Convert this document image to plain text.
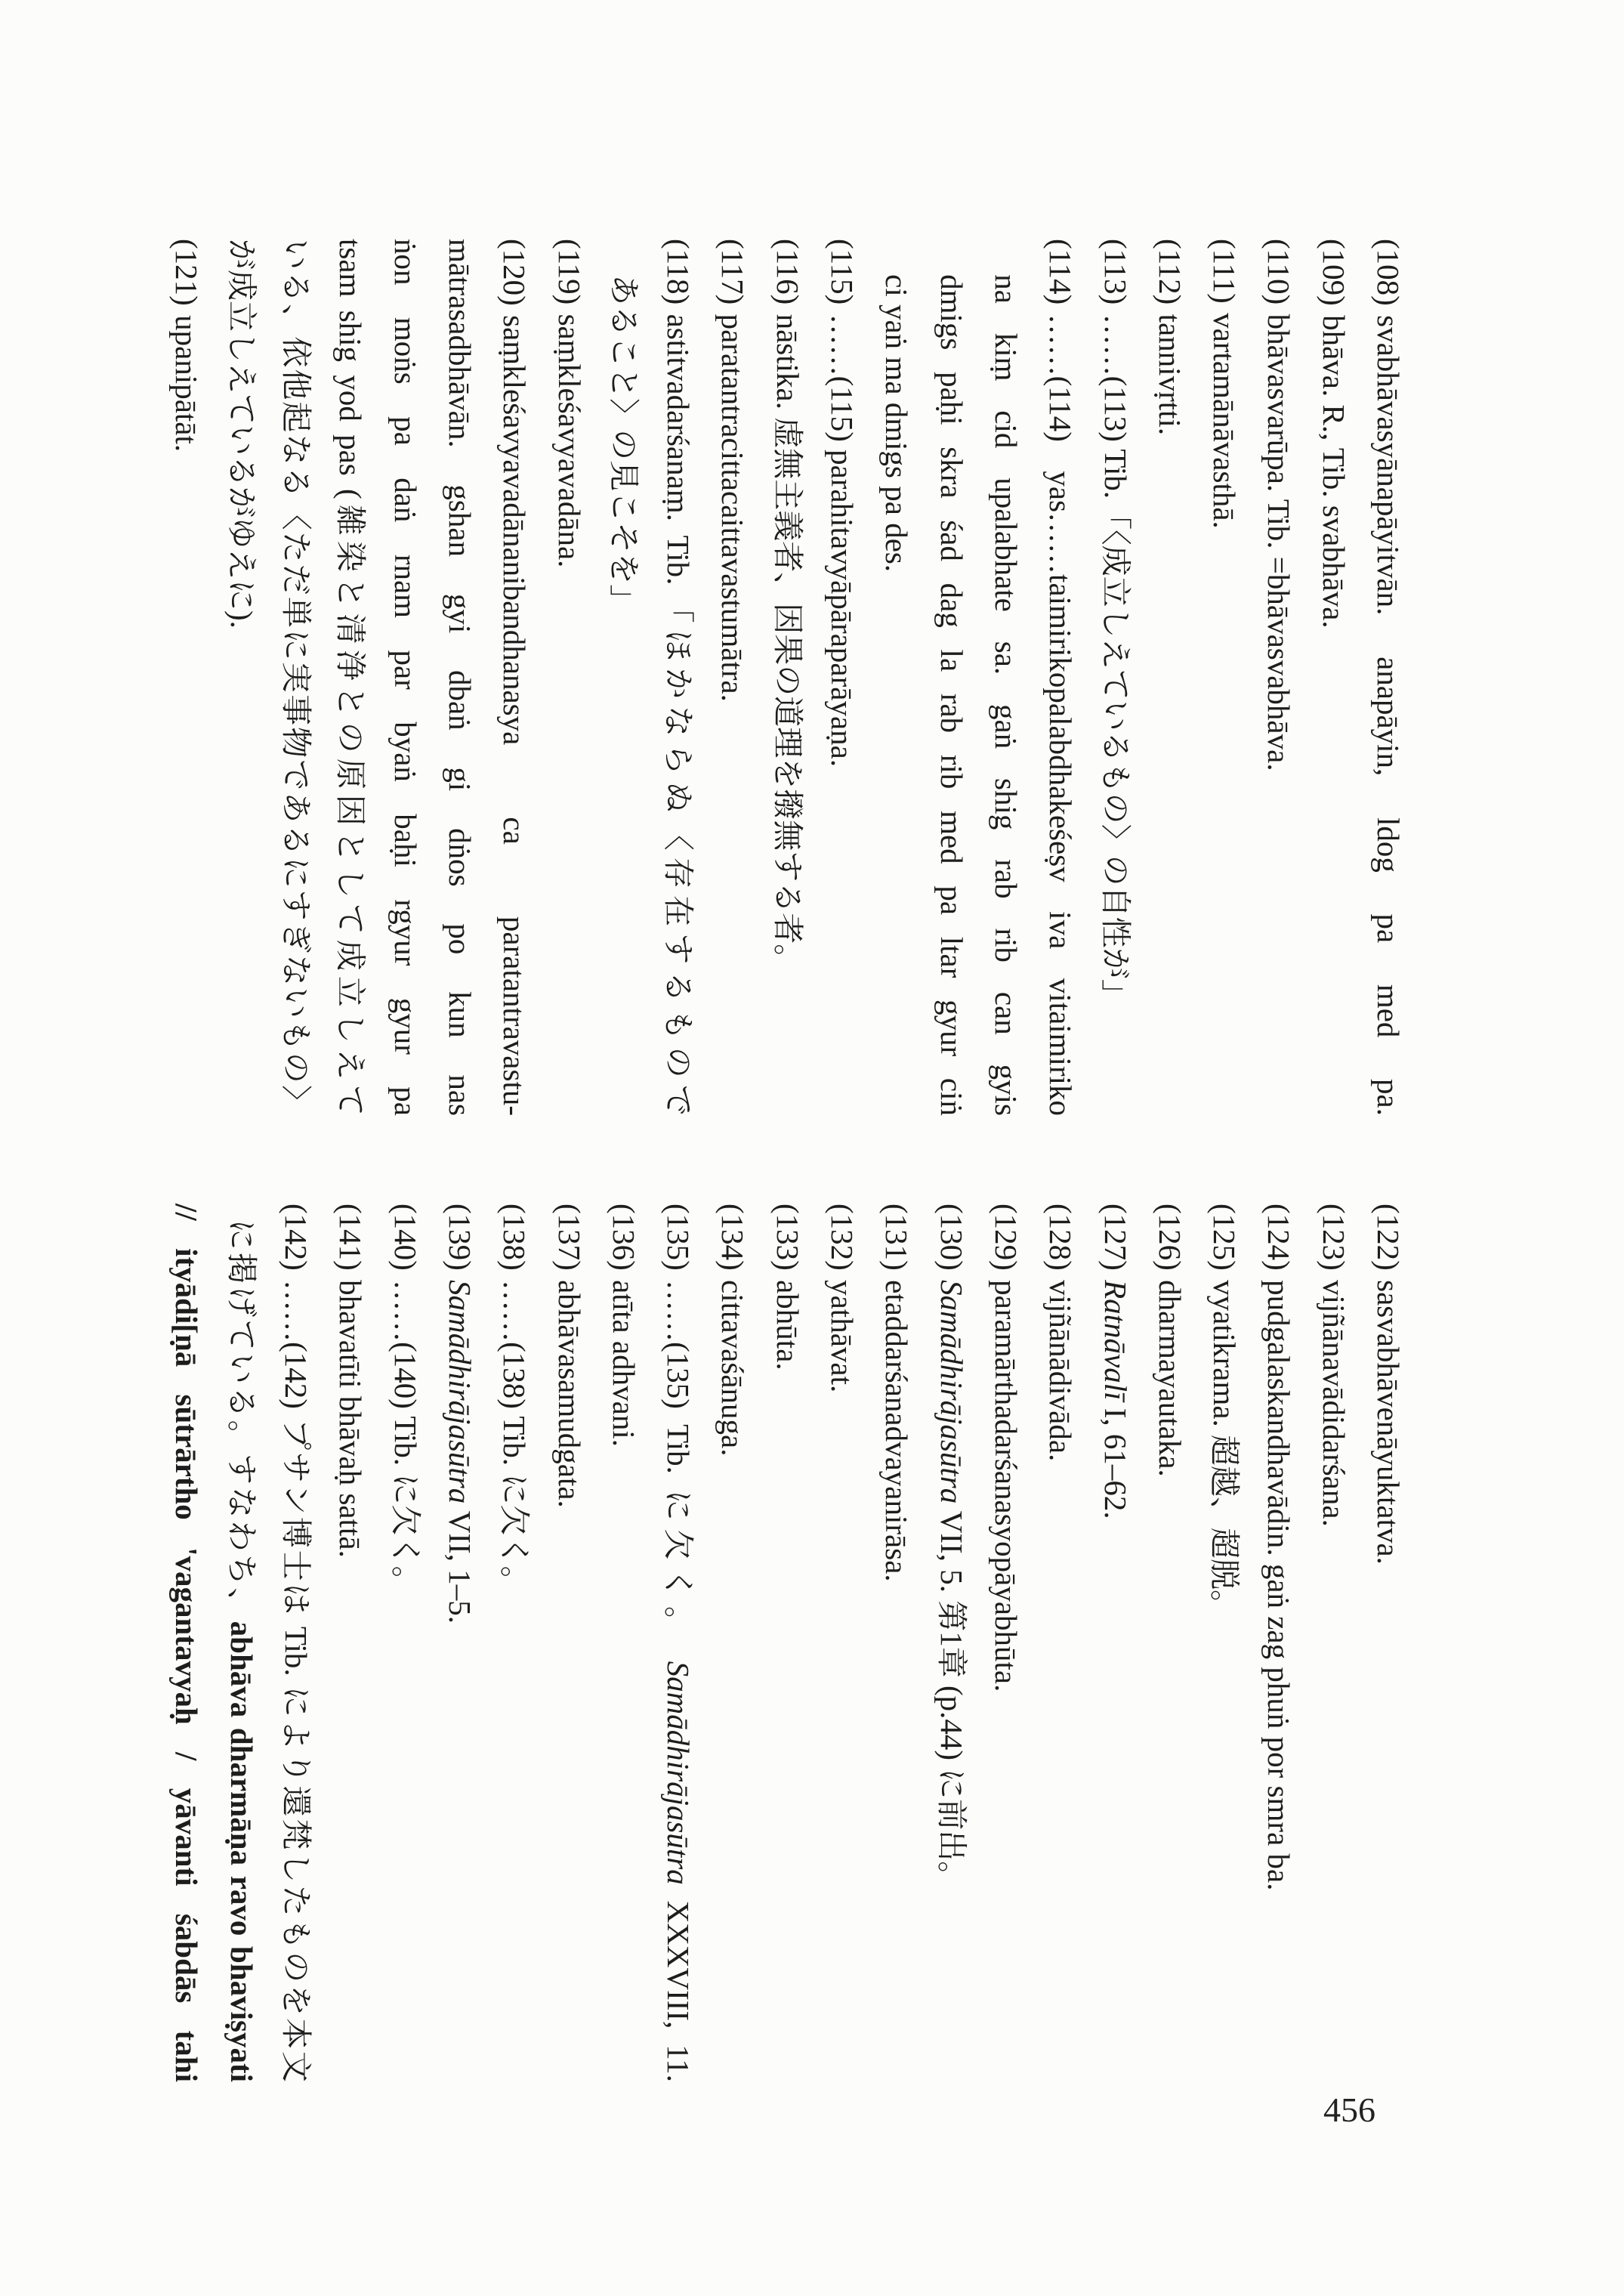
(108)svabhāvasyānapāyitvān. anapāyin, ldog pa med pa.
(109)bhāva. R., Tib. svabhāva.
(110)bhāvasvarūpa. Tib. =bhāvasvabhāva.
(111)vartamānāvasthā.
(112)tannivṛtti.
(113)……(113) Tib.「〈成立しえているもの〉の自性が」
(114)……(114) yas……taimirikopalabdhakeśeṣv iva vitaimiriko
na kiṃ cid upalabhate sa. gaṅ shig rab rib can gyis
dmigs paḥi skra śad dag la rab rib med pa ltar gyur ciṅ
ci yaṅ ma dmigs pa des.
(115)……(115) parahitavyāpāraparāyaṇa.
(116)nāstika. 虚無主義者、因果の道理を撥無する者。
(117)paratantracittacaittavastumātra.
(118)astitvadarśanaṃ. Tib.「ほかならぬ〈存在するもので
あること〉の見こそを」
(119)saṃkleśavyavadāna.
(120)saṃkleśavyavadānanibandhanasya ca paratantravastu-
mātrasadbhāvān. gshan gyi dbaṅ gi dṅos po kun nas
ṅon moṅs pa daṅ rnam par byaṅ baḥi rgyur gyur pa
tsam shig yod pas (雑染と清浄との原因として成立しえて
いる、依他起なる〈ただ単に実事物であるにすぎないもの〉
が成立しえているがゆえに).
(121)upanipātāt.
(122)sasvabhāvenāyuktatva.
(123)vijñānavādidarśana.
(124)pudgalaskandhavādin. gaṅ zag phuṅ por smra ba.
(125)vyatikrama. 超越、超脱。
(126)dharmayautaka.
(127)Ratnāvalī I, 61–62.
(128)vijñānādivāda.
(129)paramārthadarśanasyopāyabhūta.
(130)Samādhirājasūtra VII, 5. 第1章 (p.44) に前出。
(131)etaddarśanadvayanirāsa.
(132)yathāvat.
(133)abhūta.
(134)cittavaśānuga.
(135)……(135) Tib. に欠く。 Samādhirājasūtra XXXVIII, 11.
(136)atīta adhvani.
(137)abhāvasamudgata.
(138)……(138) Tib. に欠く。
(139)Samādhirājasūtra VII, 1–5.
(140)……(140) Tib. に欠く。
(141)bhavatīti bhāvaḥ sattā.
(142)……(142) プサン博士は Tib. により還梵したものを本文
に掲げている。すなわち、abhāva dharmāṇa ravo bhaviṣyati
// ityādi[ṇā sūtrārtho 'vagantavyaḥ / yāvanti śabdās tahi
456
